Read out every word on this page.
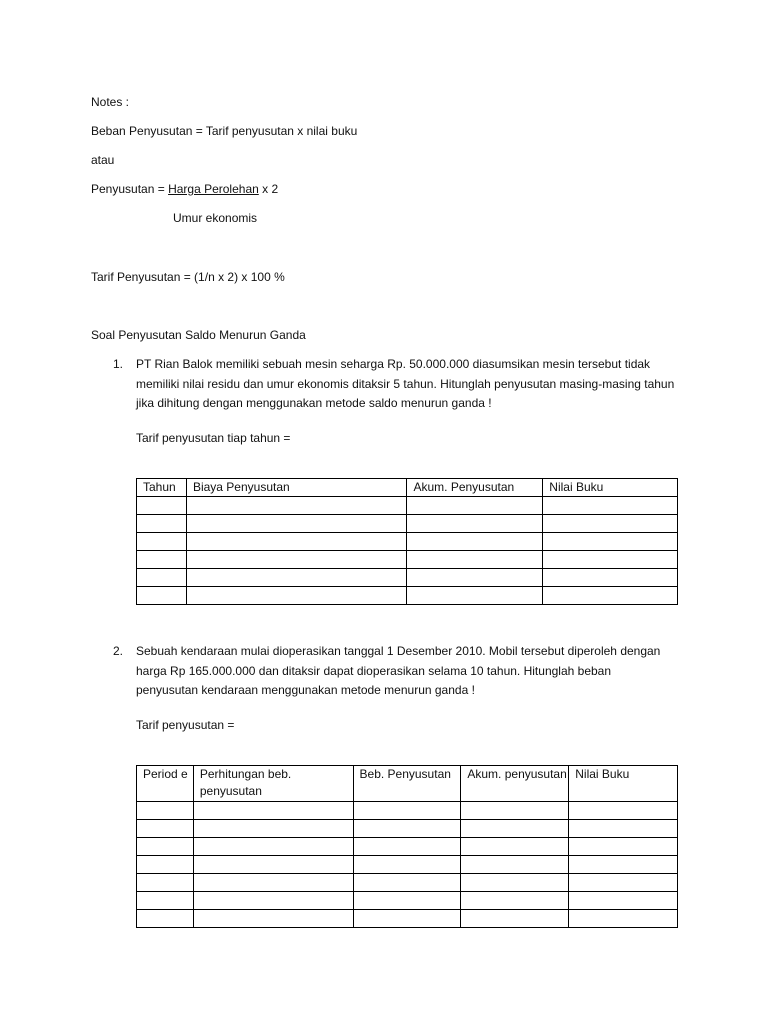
Notes :
Beban Penyusutan = Tarif penyusutan x nilai buku
atau
Penyusutan = Harga Perolehan x 2
Umur ekonomis
Tarif Penyusutan = (1/n x 2) x 100 %
Soal Penyusutan Saldo Menurun Ganda
1. PT Rian Balok memiliki sebuah mesin seharga Rp. 50.000.000 diasumsikan mesin tersebut tidak memiliki nilai residu dan umur ekonomis ditaksir 5 tahun. Hitunglah penyusutan masing-masing tahun jika dihitung dengan menggunakan metode saldo menurun ganda !
Tarif penyusutan tiap tahun =
Tahun	Biaya Penyusutan	Akum. Penyusutan	Nilai Buku

2. Sebuah kendaraan mulai dioperasikan tanggal 1 Desember 2010. Mobil tersebut diperoleh dengan harga Rp 165.000.000 dan ditaksir dapat dioperasikan selama 10 tahun. Hitunglah beban penyusutan kendaraan menggunakan metode menurun ganda !
Tarif penyusutan =
Period e	Perhitungan beb. penyusutan	Beb. Penyusutan	Akum. penyusutan	Nilai Buku
